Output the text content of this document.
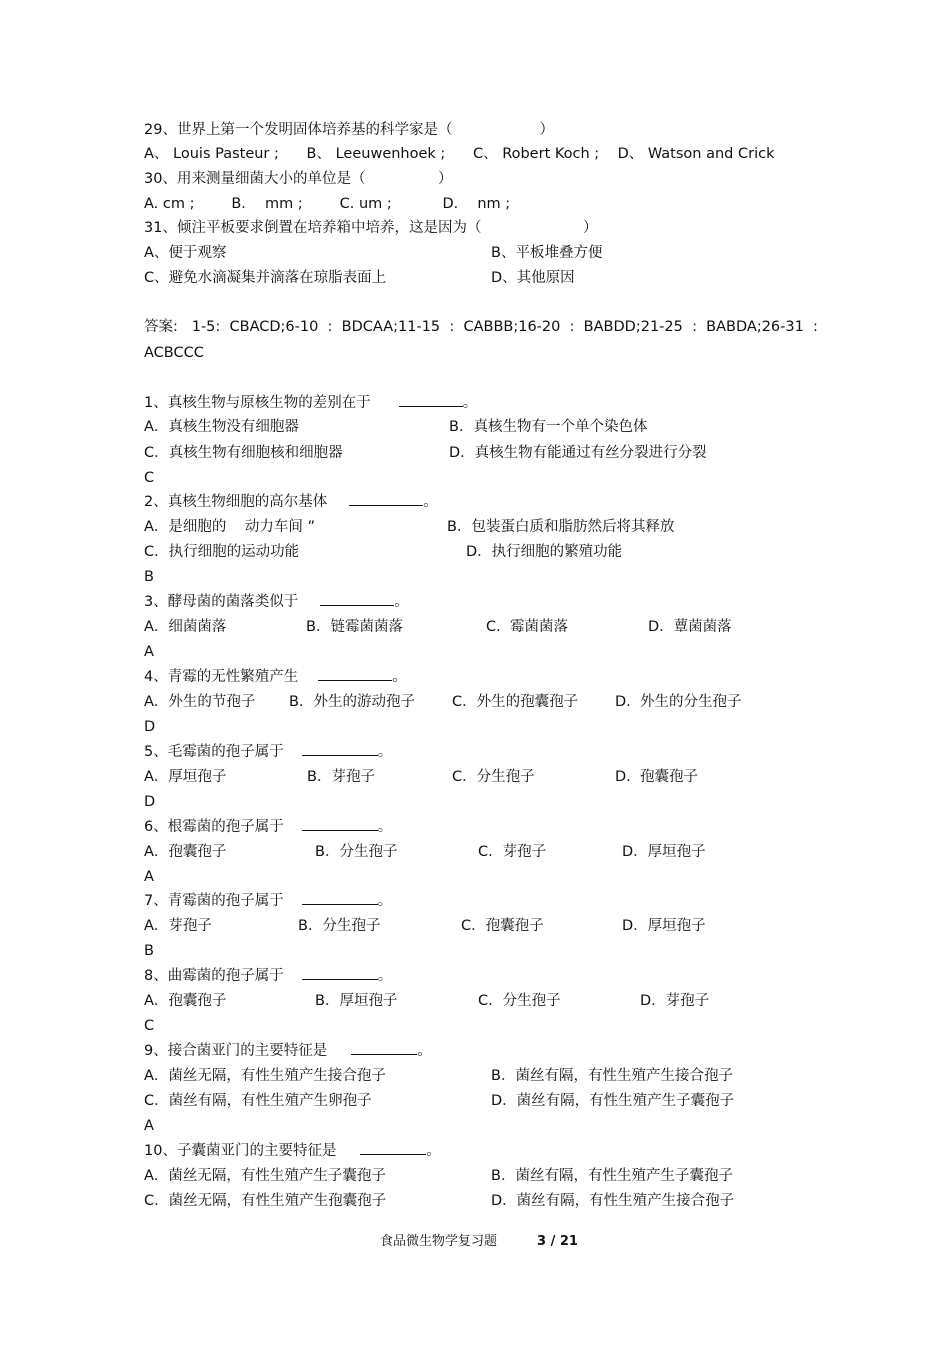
29、世界上第一个发明固体培养基的科学家是（　　　　　　）
A、 Louis Pasteur ;      B、 Leeuwenhoek ;      C、 Robert Koch ;    D、 Watson and Crick
30、用来测量细菌大小的单位是（　　　　　）
A. cm ;        B．  mm ;        C. um ;           D．  nm ;
31、倾注平板要求倒置在培养箱中培养，这是因为（　　　　　　　）
A、便于观察	B、平板堆叠方便
C、避免水滴凝集并滴落在琼脂表面上	D、其他原因
答案:   1-5:  CBACD;6-10  :  BDCAA;11-15  :  CABBB;16-20  :  BABDD;21-25  :  BABDA;26-31  :
ACBCCC
1、真核生物与原核生物的差别在于	。
A．真核生物没有细胞器	B．真核生物有一个单个染色体
C．真核生物有细胞核和细胞器	D．真核生物有能通过有丝分裂进行分裂
C
2、真核生物细胞的高尔基体	。
A．是细胞的    动力车间 ”	B．包装蛋白质和脂肪然后将其释放
C．执行细胞的运动功能	D．执行细胞的繁殖功能
B
3、酵母菌的菌落类似于	。
A．细菌菌落	B．链霉菌菌落	C.  霉菌菌落	D．蕈菌菌落
A
4、青霉的无性繁殖产生	。
A．外生的节孢子 B．外生的游动孢子	C．外生的孢囊孢子	D.  外生的分生孢子
D
5、毛霉菌的孢子属于	。
A．厚垣孢子	B．芽孢子	C．分生孢子	D.  孢囊孢子
D
6、根霉菌的孢子属于	。
A．孢囊孢子	B．分生孢子	C．芽孢子	D．厚垣孢子
A
7、青霉菌的孢子属于	。
A．芽孢子	B．分生孢子	C．孢囊孢子	D．厚垣孢子
B
8、曲霉菌的孢子属于	。
A．孢囊孢子	B．厚垣孢子	C．分生孢子	D．芽孢子
C
9、接合菌亚门的主要特征是	。
A．菌丝无隔，有性生殖产生接合孢子	B．菌丝有隔，有性生殖产生接合孢子
C．菌丝有隔，有性生殖产生卵孢子	D．菌丝有隔，有性生殖产生子囊孢子
A
10、子囊菌亚门的主要特征是	。
A．菌丝无隔，有性生殖产生子囊孢子	B．菌丝有隔，有性生殖产生子囊孢子
C．菌丝无隔，有性生殖产生孢囊孢子	D．菌丝有隔，有性生殖产生接合孢子
食品微生物学复习题	3 / 21
